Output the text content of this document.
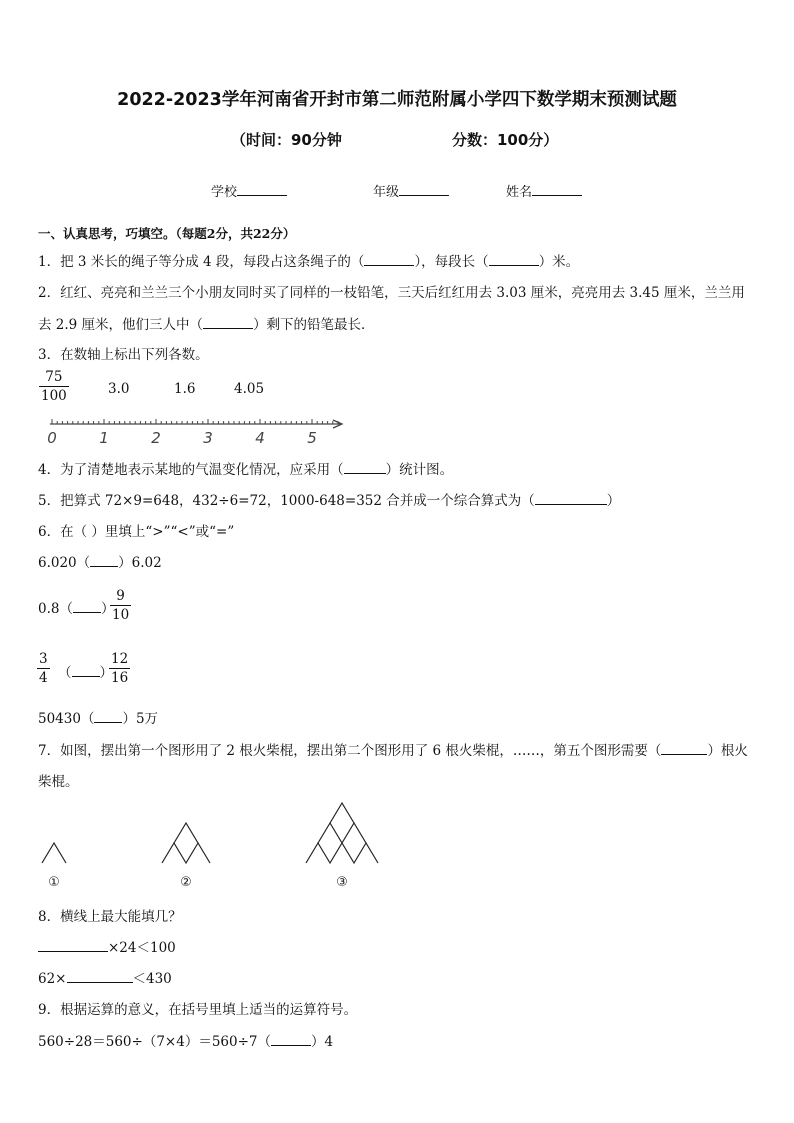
2022-2023学年河南省开封市第二师范附属小学四下数学期末预测试题
（时间：90分钟	分数：100分）
学校	年级	姓名
一、认真思考，巧填空。（每题2分，共22分）
1．把 3 米长的绳子等分成 4 段，每段占这条绳子的（	），每段长（	）米。
2．红红、亮亮和兰兰三个小朋友同时买了同样的一枝铅笔，三天后红红用去 3.03 厘米，亮亮用去 3.45 厘米，兰兰用
去 2.9 厘米，他们三人中（	）剩下的铅笔最长．
3．在数轴上标出下列各数。
75
100	3.0	1.6	4.05
0	1	2	3	4	5
4．为了清楚地表示某地的气温变化情况，应采用（	）统计图。
5．把算式 72×9=648，432÷6=72，1000-648=352 合并成一个综合算式为（	）
6．在（ ）里填上“>”“<”或“=”
6.020（ ）6.02
0.8（ ）
9
10
3
4 （ ）
12
16
50430（ ）5万
7．如图，摆出第一个图形用了 2 根火柴棍，摆出第二个图形用了 6 根火柴棍，……，第五个图形需要（	）根火
柴棍。
①	②	③
8．横线上最大能填几？
×24＜100
62×	＜430
9．根据运算的意义，在括号里填上适当的运算符号。
560÷28＝560÷（7×4）＝560÷7（	）4
